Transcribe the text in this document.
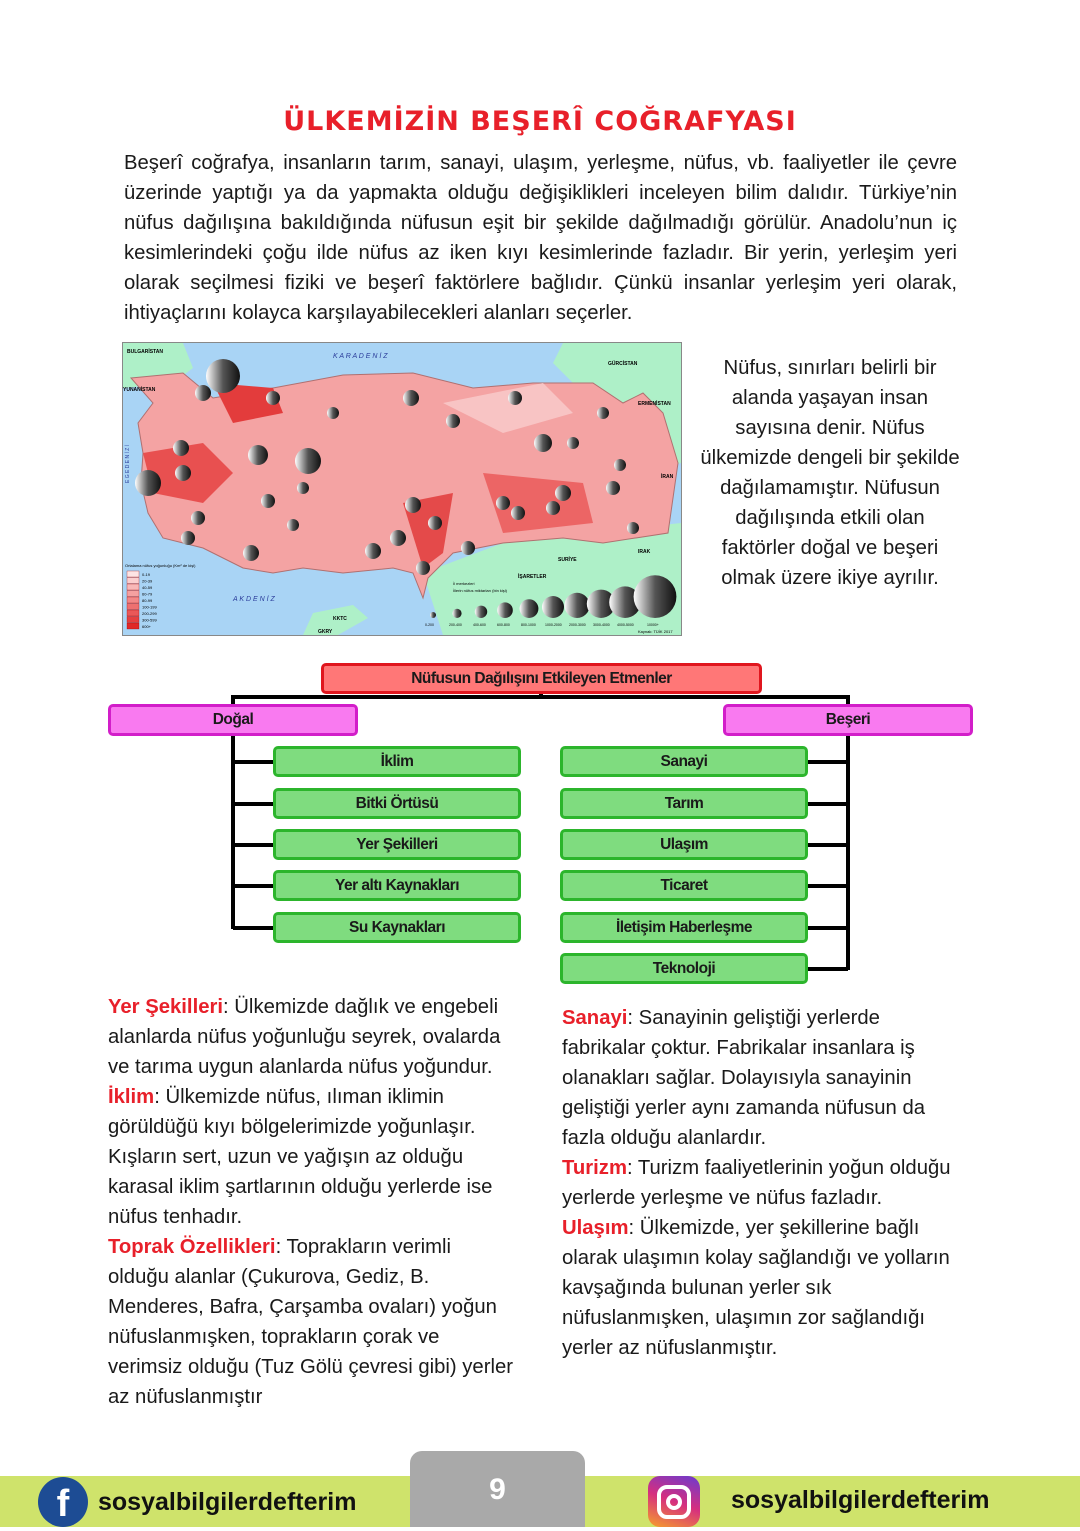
ÜLKEMİZİN BEŞERÎ COĞRAFYASI

Beşerî coğrafya, insanların tarım, sanayi, ulaşım, yerleşme, nüfus, vb. faaliyetler ile çevre üzerinde yaptığı ya da yapmakta olduğu değişiklikleri inceleyen bilim dalıdır. Türkiye’nin nüfus dağılışına bakıldığında nüfusun eşit bir şekilde dağılmadığı görülür. Anadolu’nun iç kesimlerindeki çoğu ilde nüfus az iken kıyı kesimlerinde fazladır. Bir yerin, yerleşim yeri olarak seçilmesi fiziki ve beşerî faktörlere bağlıdır. Çünkü insanlar yerleşim yeri olarak, ihtiyaçlarını kolayca karşılayabilecekleri alanları seçerler.

K A R A D E N İ Z
A K D E N İ Z
BULGARİSTAN
YUNANİSTAN
GÜRCİSTAN
ERMENİSTAN
İRAN
IRAK
SURİYE
KKTC
GKRY
E G E D E N İ Z İ
İŞARETLER
İl merkezleri
İllerin nüfus miktarları (bin kişi)
Ortalama nüfus yoğunluğu (Km² de kişi)
Kaynak: TÜİK 2017
0-19
20-39
40-59
60-79
80-99
100-199
200-299
300-599
600+	0-200	200-400	400-600	600-800	800-1000	1000-2000 2000-3000 3000-4000 4000-5000	10000+

Nüfus, sınırları belirli bir alanda yaşayan insan sayısına denir. Nüfus ülkemizde dengeli bir şekilde dağılamamıştır. Nüfusun dağılışında etkili olan faktörler doğal ve beşeri olmak üzere ikiye ayrılır.

Nüfusun Dağılışını Etkileyen Etmenler
Doğal	Beşeri
İklim
Bitki Örtüsü
Yer Şekilleri
Yer altı Kaynakları
Su Kaynakları
Sanayi
Tarım
Ulaşım
Ticaret
İletişim Haberleşme
Teknoloji
Yer Şekilleri: Ülkemizde dağlık ve engebeli alanlarda nüfus yoğunluğu seyrek, ovalarda ve tarıma uygun alanlarda nüfus yoğundur.
İklim: Ülkemizde nüfus, ılıman iklimin görüldüğü kıyı bölgelerimizde yoğunlaşır. Kışların sert, uzun ve yağışın az olduğu karasal iklim şartlarının olduğu yerlerde ise nüfus tenhadır.
Toprak Özellikleri: Toprakların verimli olduğu alanlar (Çukurova, Gediz, B. Menderes, Bafra, Çarşamba ovaları) yoğun nüfuslanmışken, toprakların çorak ve verimsiz olduğu (Tuz Gölü çevresi gibi) yerler az nüfuslanmıştır
Sanayi: Sanayinin geliştiği yerlerde fabrikalar çoktur. Fabrikalar insanlara iş olanakları sağlar. Dolayısıyla sanayinin geliştiği yerler aynı zamanda nüfusun da fazla olduğu alanlardır.
Turizm: Turizm faaliyetlerinin yoğun olduğu yerlerde yerleşme ve nüfus fazladır.
Ulaşım: Ülkemizde, yer şekillerine bağlı olarak ulaşımın kolay sağlandığı ve yolların kavşağında bulunan yerler sık nüfuslanmışken, ulaşımın zor sağlandığı yerler az nüfuslanmıştır.
9
f	sosyalbilgilerdefterim	sosyalbilgilerdefterim
